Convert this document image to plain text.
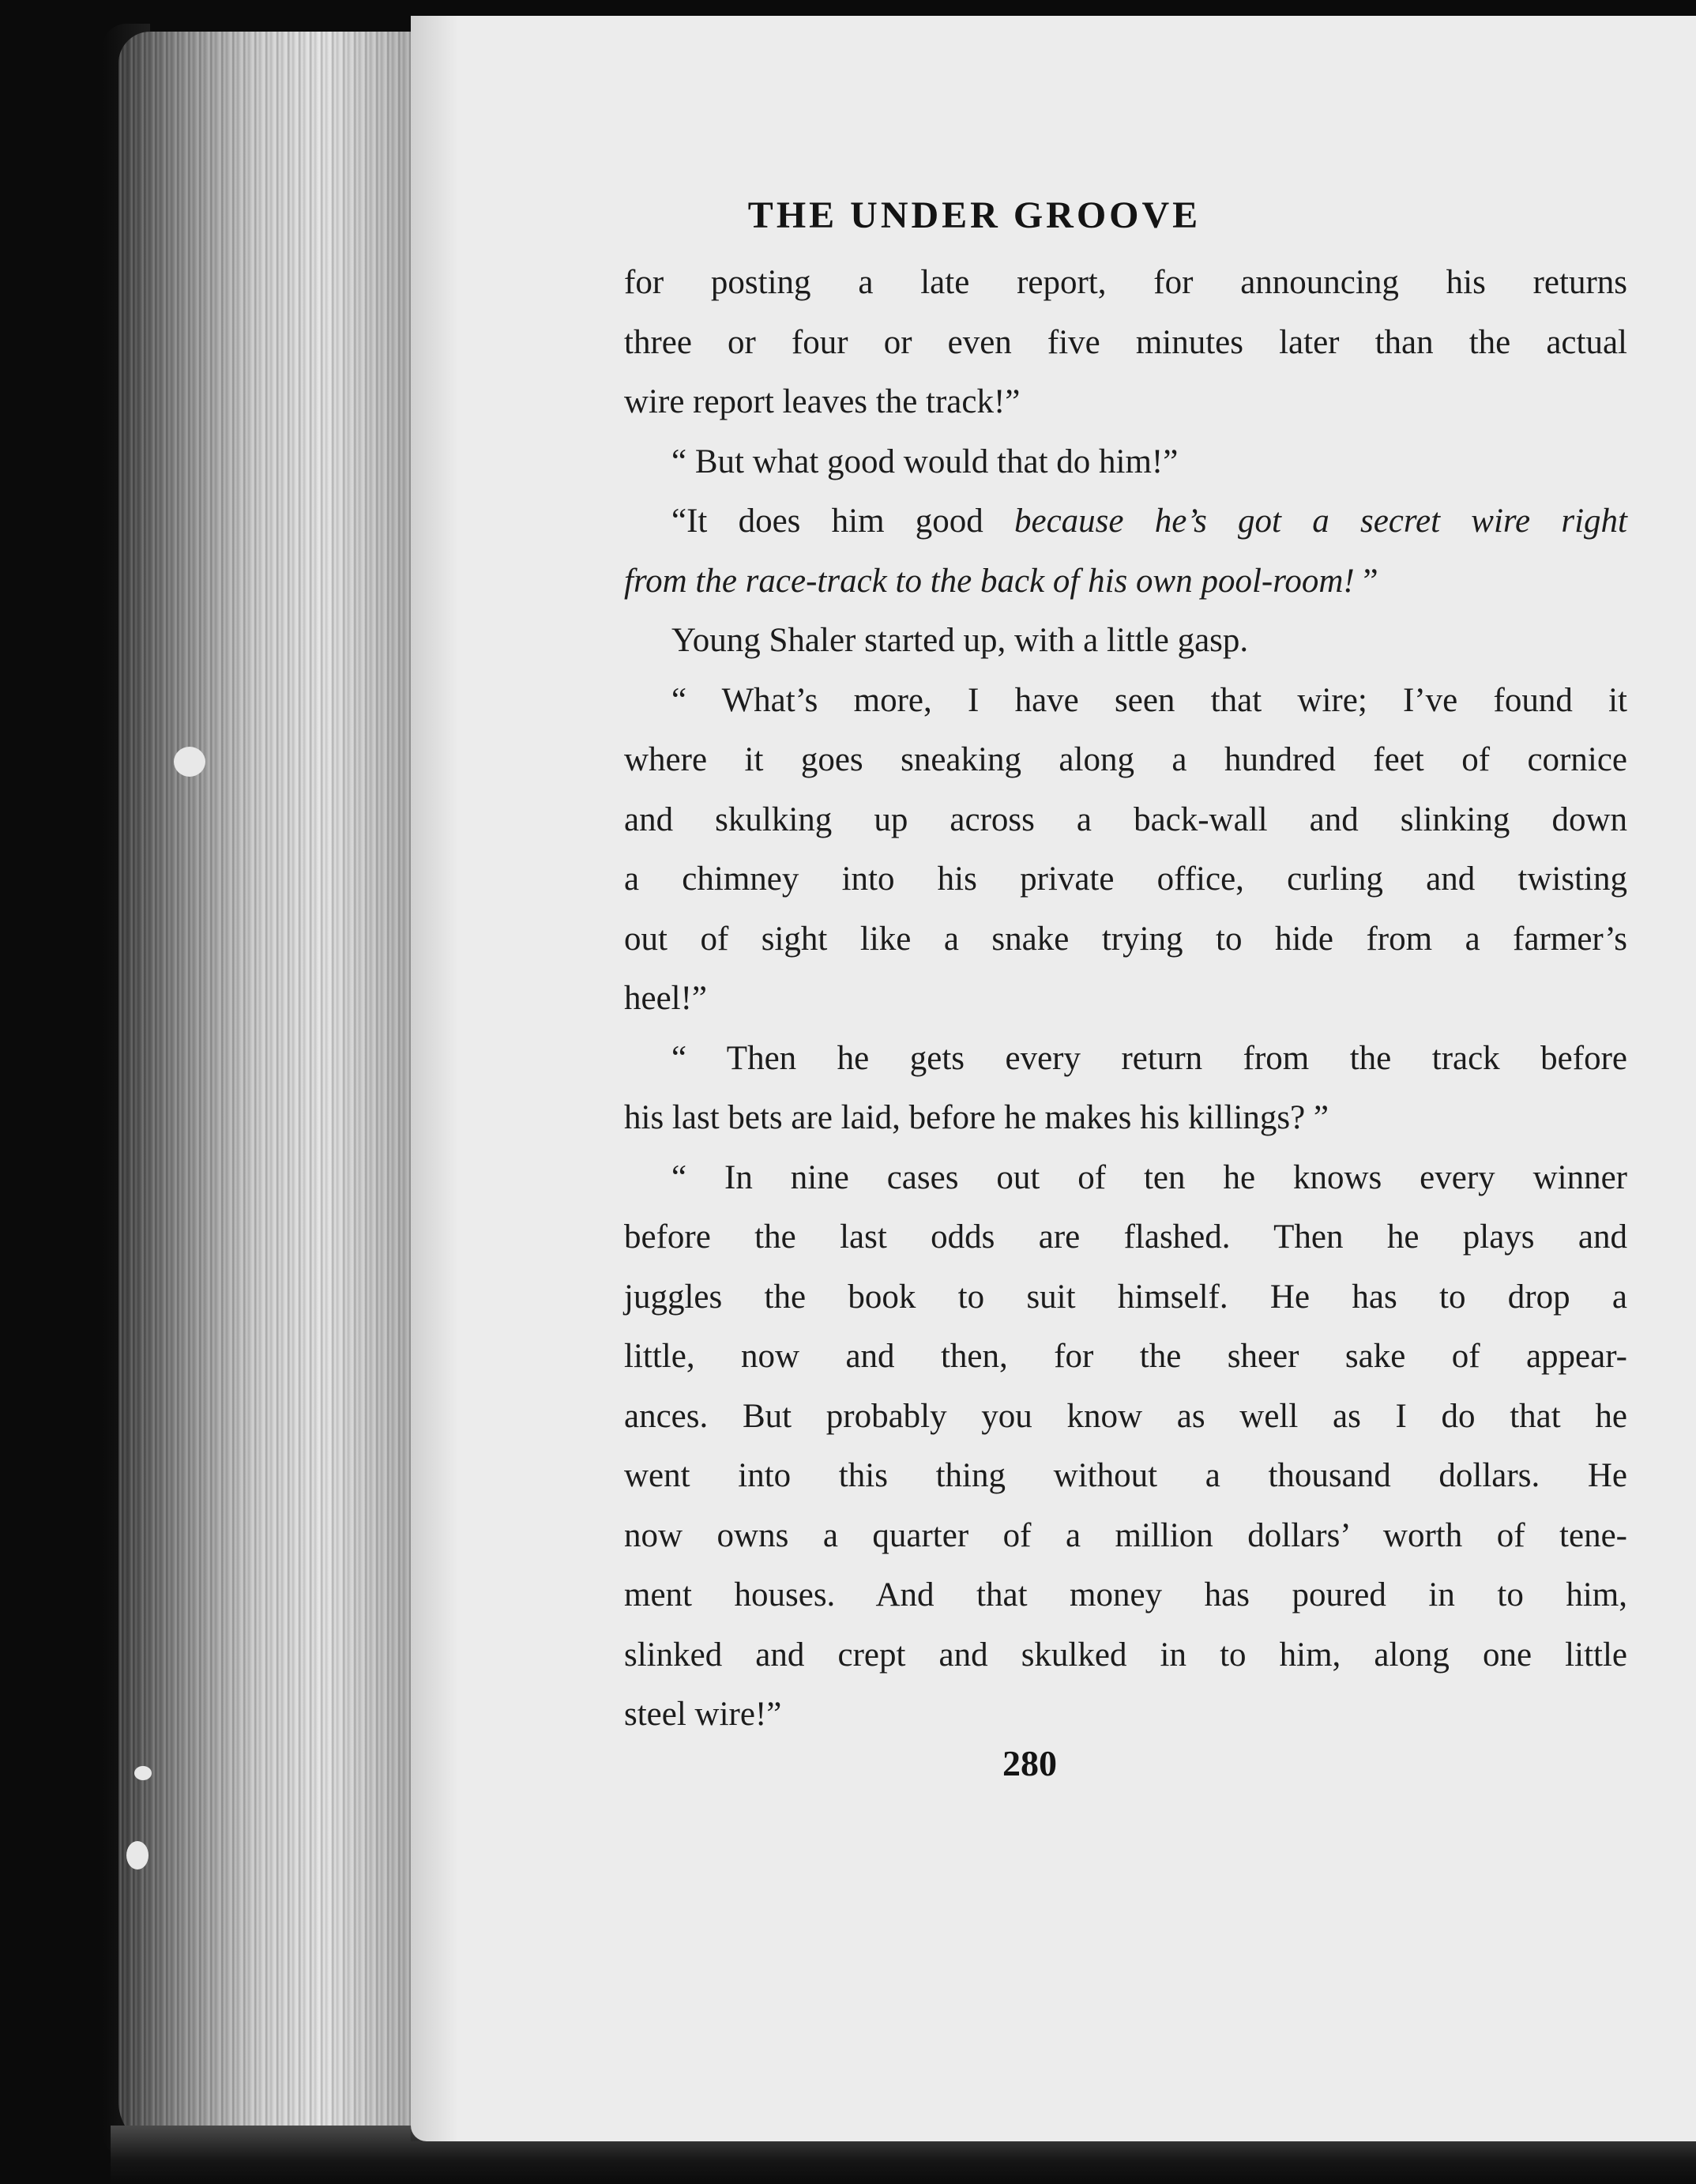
THE UNDER GROOVE
for posting a late report, for announcing his returns
three or four or even five minutes later than the actual
wire report leaves the track!”
“ But what good would that do him!”
“It does him good because he’s got a secret wire right
from the race-track to the back of his own pool-room! ”
Young Shaler started up, with a little gasp.
“ What’s more, I have seen that wire; I’ve found it
where it goes sneaking along a hundred feet of cornice
and skulking up across a back-wall and slinking down
a chimney into his private office, curling and twisting
out of sight like a snake trying to hide from a farmer’s
heel!”
“ Then he gets every return from the track before
his last bets are laid, before he makes his killings? ”
“ In nine cases out of ten he knows every winner
before the last odds are flashed. Then he plays and
juggles the book to suit himself. He has to drop a
little, now and then, for the sheer sake of appear-
ances. But probably you know as well as I do that he
went into this thing without a thousand dollars. He
now owns a quarter of a million dollars’ worth of tene-
ment houses. And that money has poured in to him,
slinked and crept and skulked in to him, along one little
steel wire!”
280
